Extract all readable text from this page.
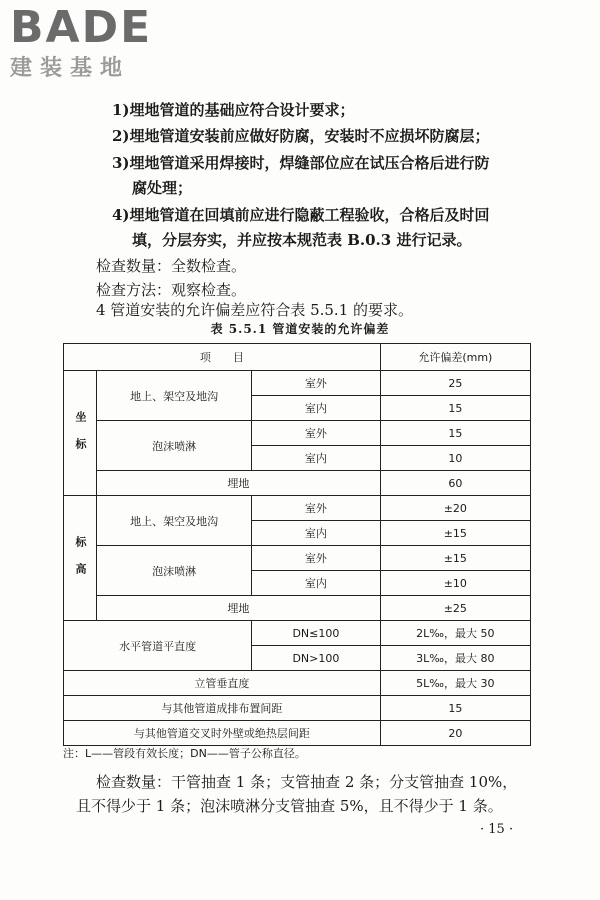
BADE
建装基地
1)埋地管道的基础应符合设计要求；
2)埋地管道安装前应做好防腐，安装时不应损坏防腐层；
3)埋地管道采用焊接时，焊缝部位应在试压合格后进行防
腐处理；
4)埋地管道在回填前应进行隐蔽工程验收，合格后及时回
填，分层夯实，并应按本规范表 B.0.3 进行记录。
检查数量：全数检查。
检查方法：观察检查。
4 管道安装的允许偏差应符合表 5.5.1 的要求。
表 5.5.1 管道安装的允许偏差
项　　目			允许偏差(mm)
坐 标	地上、架空及地沟	室外	25
		室内	15
	泡沫喷淋	室外	15
		室内	10
	埋地		60
标 高	地上、架空及地沟	室外	±20
		室内	±15
	泡沫喷淋	室外	±15
		室内	±10
	埋地		±25
水平管道平直度		DN≤100	2L‰，最大 50
		DN>100	3L‰，最大 80
立管垂直度			5L‰，最大 30
与其他管道成排布置间距			15
与其他管道交叉时外壁或绝热层间距			20
注：L——管段有效长度；DN——管子公称直径。
检查数量：干管抽查 1 条；支管抽查 2 条；分支管抽查 10%，
且不得少于 1 条；泡沫喷淋分支管抽查 5%，且不得少于 1 条。
· 15 ·
